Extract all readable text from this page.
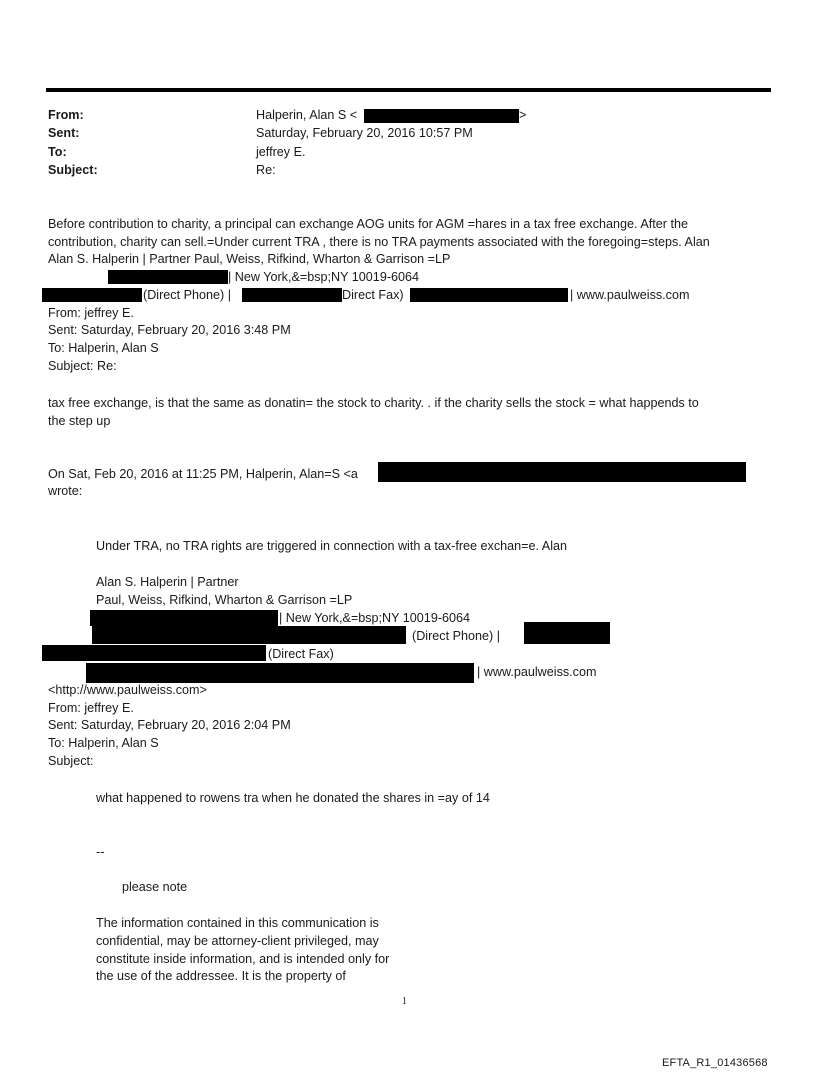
From:	Halperin, Alan S <	>
Sent:	Saturday, February 20, 2016 10:57 PM
To:	jeffrey E.
Subject:	Re:
Before contribution to charity, a principal can exchange AOG units for AGM =hares in a tax free exchange. After the
contribution, charity can sell.=Under current TRA , there is no TRA payments associated with the foregoing=steps. Alan
Alan S. Halperin | Partner Paul, Weiss, Rifkind, Wharton & Garrison =LP
| New York,&=bsp;NY 10019-6064
(Direct Phone) |	Direct Fax)	| www.paulweiss.com
From: jeffrey E.
Sent: Saturday, February 20, 2016 3:48 PM
To: Halperin, Alan S
Subject: Re:
tax free exchange, is that the same as donatin= the stock to charity. . if the charity sells the stock = what happends to
the step up
On Sat, Feb 20, 2016 at 11:25 PM, Halperin, Alan=S <a
wrote:
Under TRA, no TRA rights are triggered in connection with a tax-free exchan=e. Alan
Alan S. Halperin | Partner
Paul, Weiss, Rifkind, Wharton & Garrison =LP
| New York,&=bsp;NY 10019-6064
(Direct Phone) |
(Direct Fax)
| www.paulweiss.com
<http://www.paulweiss.com>
From: jeffrey E.
Sent: Saturday, February 20, 2016 2:04 PM
To: Halperin, Alan S
Subject:
what happened to rowens tra when he donated the shares in =ay of 14
--
please note
The information contained in this communication is
confidential, may be attorney-client privileged, may
constitute inside information, and is intended only for
the use of the addressee. It is the property of
1
EFTA_R1_01436568
